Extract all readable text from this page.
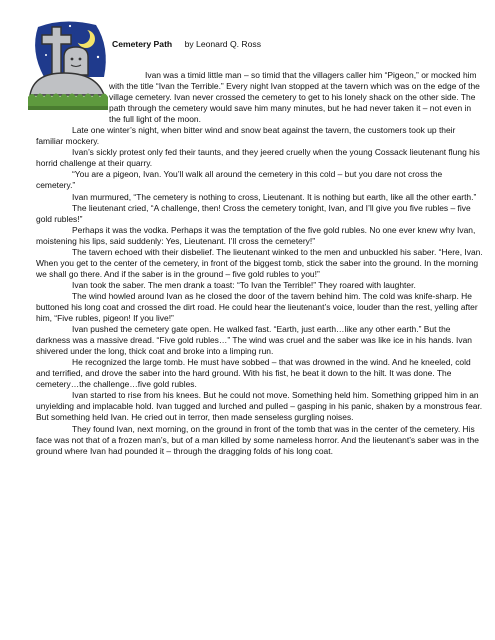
Cemetery Path by Leonard Q. Ross

Ivan was a timid little man – so timid that the villagers caller him “Pigeon,” or mocked him with the title “Ivan the Terrible.” Every night Ivan stopped at the tavern which was on the edge of the village cemetery. Ivan never crossed the cemetery to get to his lonely shack on the other side. The path through the cemetery would save him many minutes, but he had never taken it – not even in the full light of the moon.

Late one winter’s night, when bitter wind and snow beat against the tavern, the customers took up their familiar mockery.

Ivan’s sickly protest only fed their taunts, and they jeered cruelly when the young Cossack lieutenant flung his horrid challenge at their quarry.

“You are a pigeon, Ivan. You’ll walk all around the cemetery in this cold – but you dare not cross the cemetery.”

Ivan murmured, “The cemetery is nothing to cross, Lieutenant. It is nothing but earth, like all the other earth.”

The lieutenant cried, “A challenge, then! Cross the cemetery tonight, Ivan, and I’ll give you five rubles – five gold rubles!”

Perhaps it was the vodka. Perhaps it was the temptation of the five gold rubles. No one ever knew why Ivan, moistening his lips, said suddenly: Yes, Lieutenant. I’ll cross the cemetery!”

The tavern echoed with their disbelief. The lieutenant winked to the men and unbuckled his saber. “Here, Ivan. When you get to the center of the cemetery, in front of the biggest tomb, stick the saber into the ground. In the morning we shall go there. And if the saber is in the ground – five gold rubles to you!”

Ivan took the saber. The men drank a toast: “To Ivan the Terrible!” They roared with laughter.

The wind howled around Ivan as he closed the door of the tavern behind him. The cold was knife-sharp. He buttoned his long coat and crossed the dirt road. He could hear the lieutenant’s voice, louder than the rest, yelling after him, “Five rubles, pigeon! If you live!”

Ivan pushed the cemetery gate open. He walked fast. “Earth, just earth…like any other earth.” But the darkness was a massive dread. “Five gold rubles…” The wind was cruel and the saber was like ice in his hands. Ivan shivered under the long, thick coat and broke into a limping run.

He recognized the large tomb. He must have sobbed – that was drowned in the wind. And he kneeled, cold and terrified, and drove the saber into the hard ground. With his fist, he beat it down to the hilt. It was done. The cemetery…the challenge…five gold rubles.

Ivan started to rise from his knees. But he could not move. Something held him. Something gripped him in an unyielding and implacable hold. Ivan tugged and lurched and pulled – gasping in his panic, shaken by a monstrous fear. But something held Ivan. He cried out in terror, then made senseless gurgling noises.

They found Ivan, next morning, on the ground in front of the tomb that was in the center of the cemetery. His face was not that of a frozen man’s, but of a man killed by some nameless horror. And the lieutenant’s saber was in the ground where Ivan had pounded it – through the dragging folds of his long coat.
